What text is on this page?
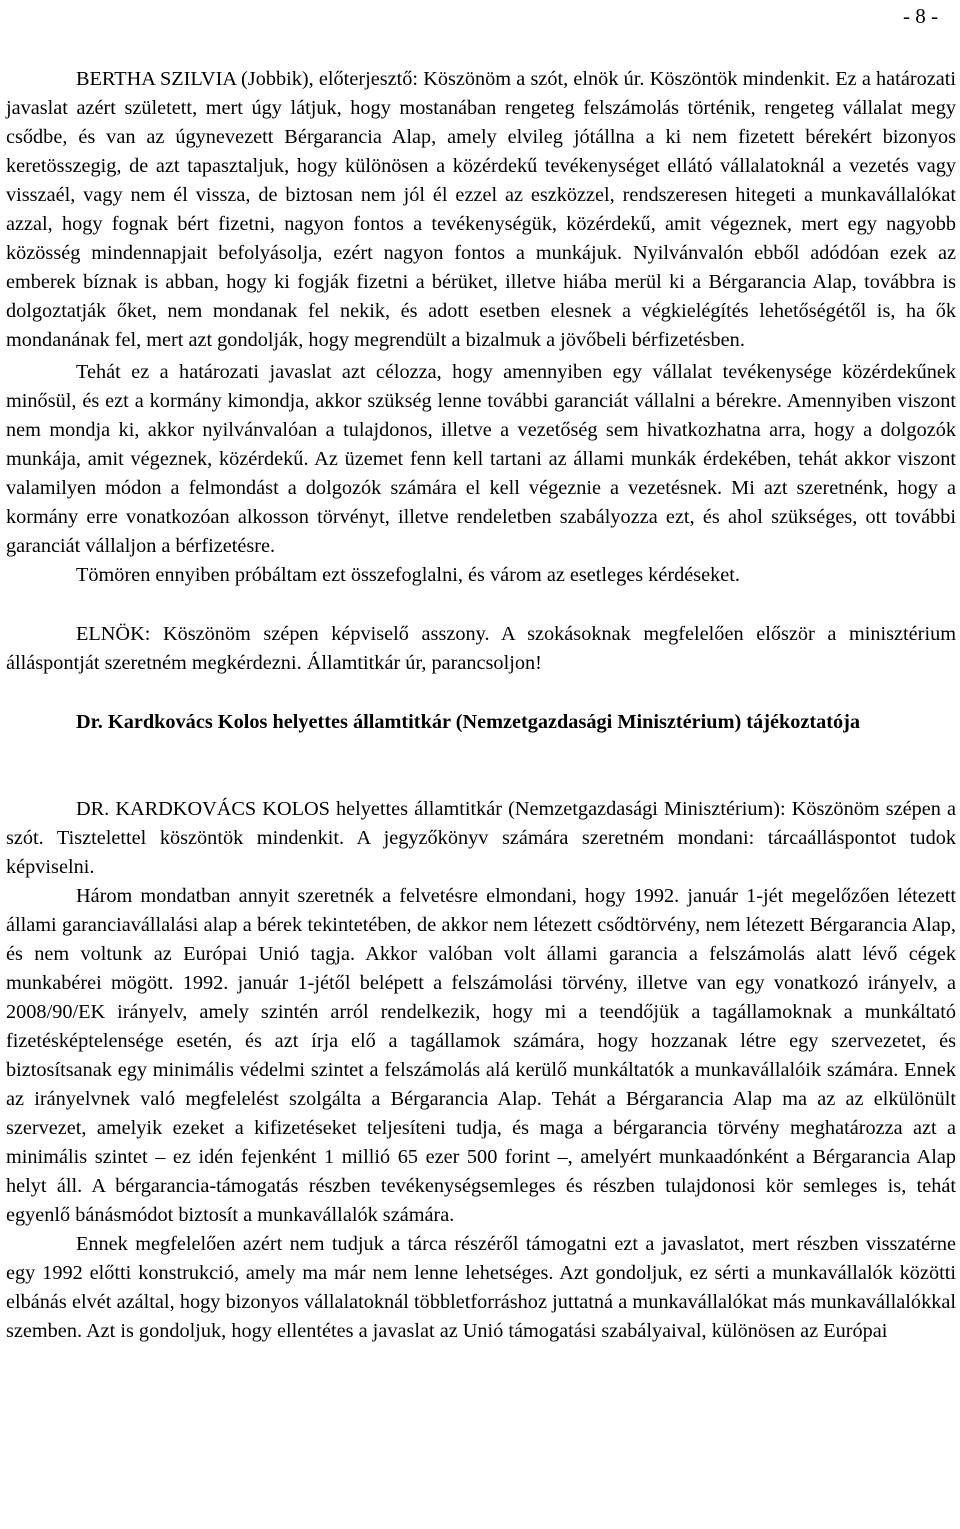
- 8 -

BERTHA SZILVIA (Jobbik), előterjesztő: Köszönöm a szót, elnök úr. Köszöntök mindenkit. Ez a határozati javaslat azért született, mert úgy látjuk, hogy mostanában rengeteg felszámolás történik, rengeteg vállalat megy csődbe, és van az úgynevezett Bérgarancia Alap, amely elvileg jótállna a ki nem fizetett bérekért bizonyos keretösszegig, de azt tapasztaljuk, hogy különösen a közérdekű tevékenységet ellátó vállalatoknál a vezetés vagy visszaél, vagy nem él vissza, de biztosan nem jól él ezzel az eszközzel, rendszeresen hitegeti a munkavállalókat azzal, hogy fognak bért fizetni, nagyon fontos a tevékenységük, közérdekű, amit végeznek, mert egy nagyobb közösség mindennapjait befolyásolja, ezért nagyon fontos a munkájuk. Nyilvánvalón ebből adódóan ezek az emberek bíznak is abban, hogy ki fogják fizetni a bérüket, illetve hiába merül ki a Bérgarancia Alap, továbbra is dolgoztatják őket, nem mondanak fel nekik, és adott esetben elesnek a végkielégítés lehetőségétől is, ha ők mondanának fel, mert azt gondolják, hogy megrendült a bizalmuk a jövőbeli bérfizetésben.

Tehát ez a határozati javaslat azt célozza, hogy amennyiben egy vállalat tevékenysége közérdekűnek minősül, és ezt a kormány kimondja, akkor szükség lenne további garanciát vállalni a bérekre. Amennyiben viszont nem mondja ki, akkor nyilvánvalóan a tulajdonos, illetve a vezetőség sem hivatkozhatna arra, hogy a dolgozók munkája, amit végeznek, közérdekű. Az üzemet fenn kell tartani az állami munkák érdekében, tehát akkor viszont valamilyen módon a felmondást a dolgozók számára el kell végeznie a vezetésnek. Mi azt szeretnénk, hogy a kormány erre vonatkozóan alkosson törvényt, illetve rendeletben szabályozza ezt, és ahol szükséges, ott további garanciát vállaljon a bérfizetésre.

Tömören ennyiben próbáltam ezt összefoglalni, és várom az esetleges kérdéseket.

ELNÖK: Köszönöm szépen képviselő asszony. A szokásoknak megfelelően először a minisztérium álláspontját szeretném megkérdezni. Államtitkár úr, parancsoljon!

Dr. Kardkovács Kolos helyettes államtitkár (Nemzetgazdasági Minisztérium) tájékoztatója

DR. KARDKOVÁCS KOLOS helyettes államtitkár (Nemzetgazdasági Minisztérium): Köszönöm szépen a szót. Tisztelettel köszöntök mindenkit. A jegyzőkönyv számára szeretném mondani: tárcaálláspontot tudok képviselni.

Három mondatban annyit szeretnék a felvetésre elmondani, hogy 1992. január 1-jét megelőzően létezett állami garanciavállalási alap a bérek tekintetében, de akkor nem létezett csődtörvény, nem létezett Bérgarancia Alap, és nem voltunk az Európai Unió tagja. Akkor valóban volt állami garancia a felszámolás alatt lévő cégek munkabérei mögött. 1992. január 1-jétől belépett a felszámolási törvény, illetve van egy vonatkozó irányelv, a 2008/90/EK irányelv, amely szintén arról rendelkezik, hogy mi a teendőjük a tagállamoknak a munkáltató fizetésképtelensége esetén, és azt írja elő a tagállamok számára, hogy hozzanak létre egy szervezetet, és biztosítsanak egy minimális védelmi szintet a felszámolás alá kerülő munkáltatók a munkavállalóik számára. Ennek az irányelvnek való megfelelést szolgálta a Bérgarancia Alap. Tehát a Bérgarancia Alap ma az az elkülönült szervezet, amelyik ezeket a kifizetéseket teljesíteni tudja, és maga a bérgarancia törvény meghatározza azt a minimális szintet – ez idén fejenként 1 millió 65 ezer 500 forint –, amelyért munkaadónként a Bérgarancia Alap helyt áll. A bérgarancia-támogatás részben tevékenységsemleges és részben tulajdonosi kör semleges is, tehát egyenlő bánásmódot biztosít a munkavállalók számára.

Ennek megfelelően azért nem tudjuk a tárca részéről támogatni ezt a javaslatot, mert részben visszatérne egy 1992 előtti konstrukció, amely ma már nem lenne lehetséges. Azt gondoljuk, ez sérti a munkavállalók közötti elbánás elvét azáltal, hogy bizonyos vállalatoknál többletforráshoz juttatná a munkavállalókat más munkavállalókkal szemben. Azt is gondoljuk, hogy ellentétes a javaslat az Unió támogatási szabályaival, különösen az Európai
